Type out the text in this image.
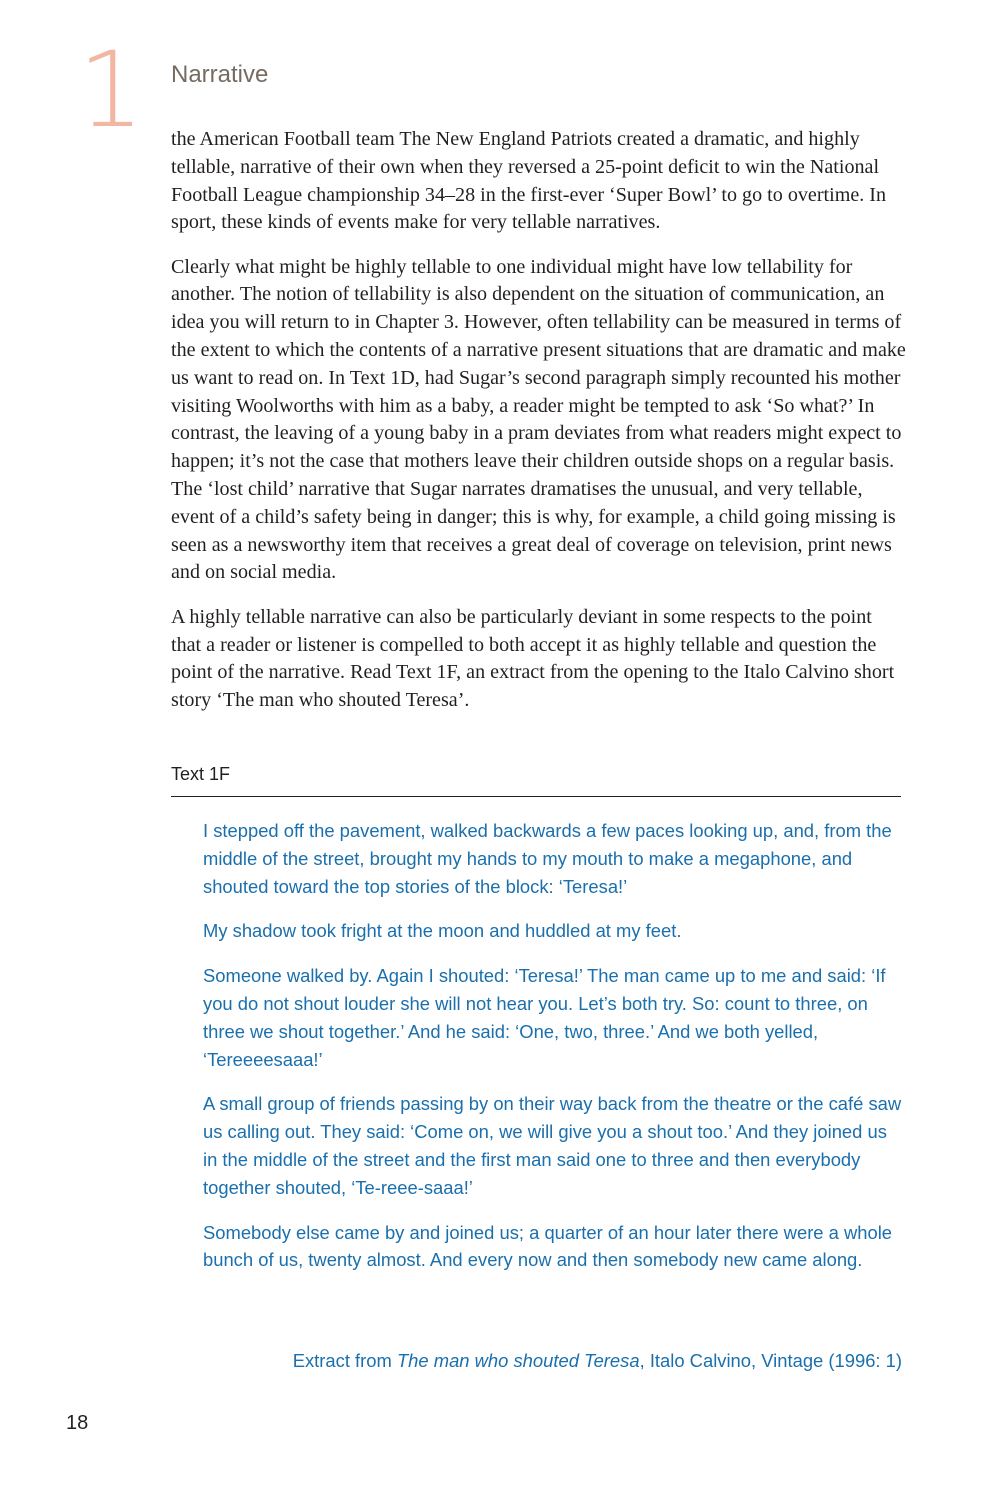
1 Narrative

the American Football team The New England Patriots created a dramatic, and highly tellable, narrative of their own when they reversed a 25-point deficit to win the National Football League championship 34–28 in the first-ever ‘Super Bowl’ to go to overtime. In sport, these kinds of events make for very tellable narratives.

Clearly what might be highly tellable to one individual might have low tellability for another. The notion of tellability is also dependent on the situation of communication, an idea you will return to in Chapter 3. However, often tellability can be measured in terms of the extent to which the contents of a narrative present situations that are dramatic and make us want to read on. In Text 1D, had Sugar’s second paragraph simply recounted his mother visiting Woolworths with him as a baby, a reader might be tempted to ask ‘So what?’ In contrast, the leaving of a young baby in a pram deviates from what readers might expect to happen; it’s not the case that mothers leave their children outside shops on a regular basis. The ‘lost child’ narrative that Sugar narrates dramatises the unusual, and very tellable, event of a child’s safety being in danger; this is why, for example, a child going missing is seen as a newsworthy item that receives a great deal of coverage on television, print news and on social media.

A highly tellable narrative can also be particularly deviant in some respects to the point that a reader or listener is compelled to both accept it as highly tellable and question the point of the narrative. Read Text 1F, an extract from the opening to the Italo Calvino short story ‘The man who shouted Teresa’.

Text 1F

I stepped off the pavement, walked backwards a few paces looking up, and, from the middle of the street, brought my hands to my mouth to make a megaphone, and shouted toward the top stories of the block: ‘Teresa!’

My shadow took fright at the moon and huddled at my feet.

Someone walked by. Again I shouted: ‘Teresa!’ The man came up to me and said: ‘If you do not shout louder she will not hear you. Let’s both try. So: count to three, on three we shout together.’ And he said: ‘One, two, three.’ And we both yelled, ‘Tereeeesaaa!’

A small group of friends passing by on their way back from the theatre or the café saw us calling out. They said: ‘Come on, we will give you a shout too.’ And they joined us in the middle of the street and the first man said one to three and then everybody together shouted, ‘Te-reee-saaa!’

Somebody else came by and joined us; a quarter of an hour later there were a whole bunch of us, twenty almost. And every now and then somebody new came along.

Extract from The man who shouted Teresa, Italo Calvino, Vintage (1996: 1)
18
